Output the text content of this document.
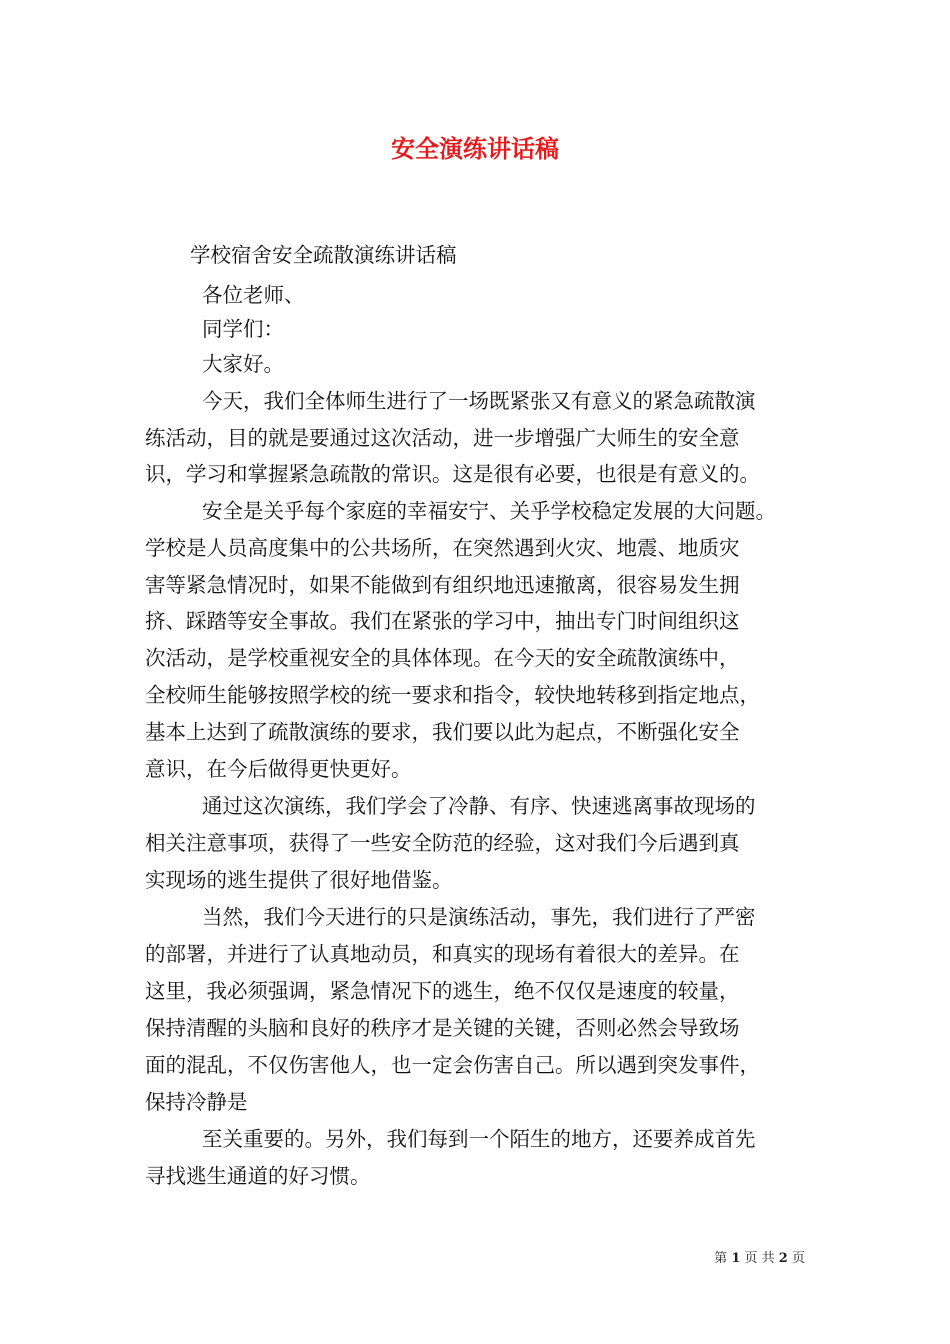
安全演练讲话稿

学校宿舍安全疏散演练讲话稿

各位老师、

同学们：

大家好。

今天，我们全体师生进行了一场既紧张又有意义的紧急疏散演

练活动，目的就是要通过这次活动，进一步增强广大师生的安全意

识，学习和掌握紧急疏散的常识。这是很有必要，也很是有意义的。

安全是关乎每个家庭的幸福安宁、关乎学校稳定发展的大问题。

学校是人员高度集中的公共场所，在突然遇到火灾、地震、地质灾

害等紧急情况时，如果不能做到有组织地迅速撤离，很容易发生拥

挤、踩踏等安全事故。我们在紧张的学习中，抽出专门时间组织这

次活动，是学校重视安全的具体体现。在今天的安全疏散演练中，

全校师生能够按照学校的统一要求和指令，较快地转移到指定地点，

基本上达到了疏散演练的要求，我们要以此为起点，不断强化安全

意识，在今后做得更快更好。

通过这次演练，我们学会了冷静、有序、快速逃离事故现场的

相关注意事项，获得了一些安全防范的经验，这对我们今后遇到真

实现场的逃生提供了很好地借鉴。

当然，我们今天进行的只是演练活动，事先，我们进行了严密

的部署，并进行了认真地动员，和真实的现场有着很大的差异。在

这里，我必须强调，紧急情况下的逃生，绝不仅仅是速度的较量，

保持清醒的头脑和良好的秩序才是关键的关键，否则必然会导致场

面的混乱，不仅伤害他人，也一定会伤害自己。所以遇到突发事件，

保持冷静是

至关重要的。另外，我们每到一个陌生的地方，还要养成首先

寻找逃生通道的好习惯。

第 1 页 共 2 页
